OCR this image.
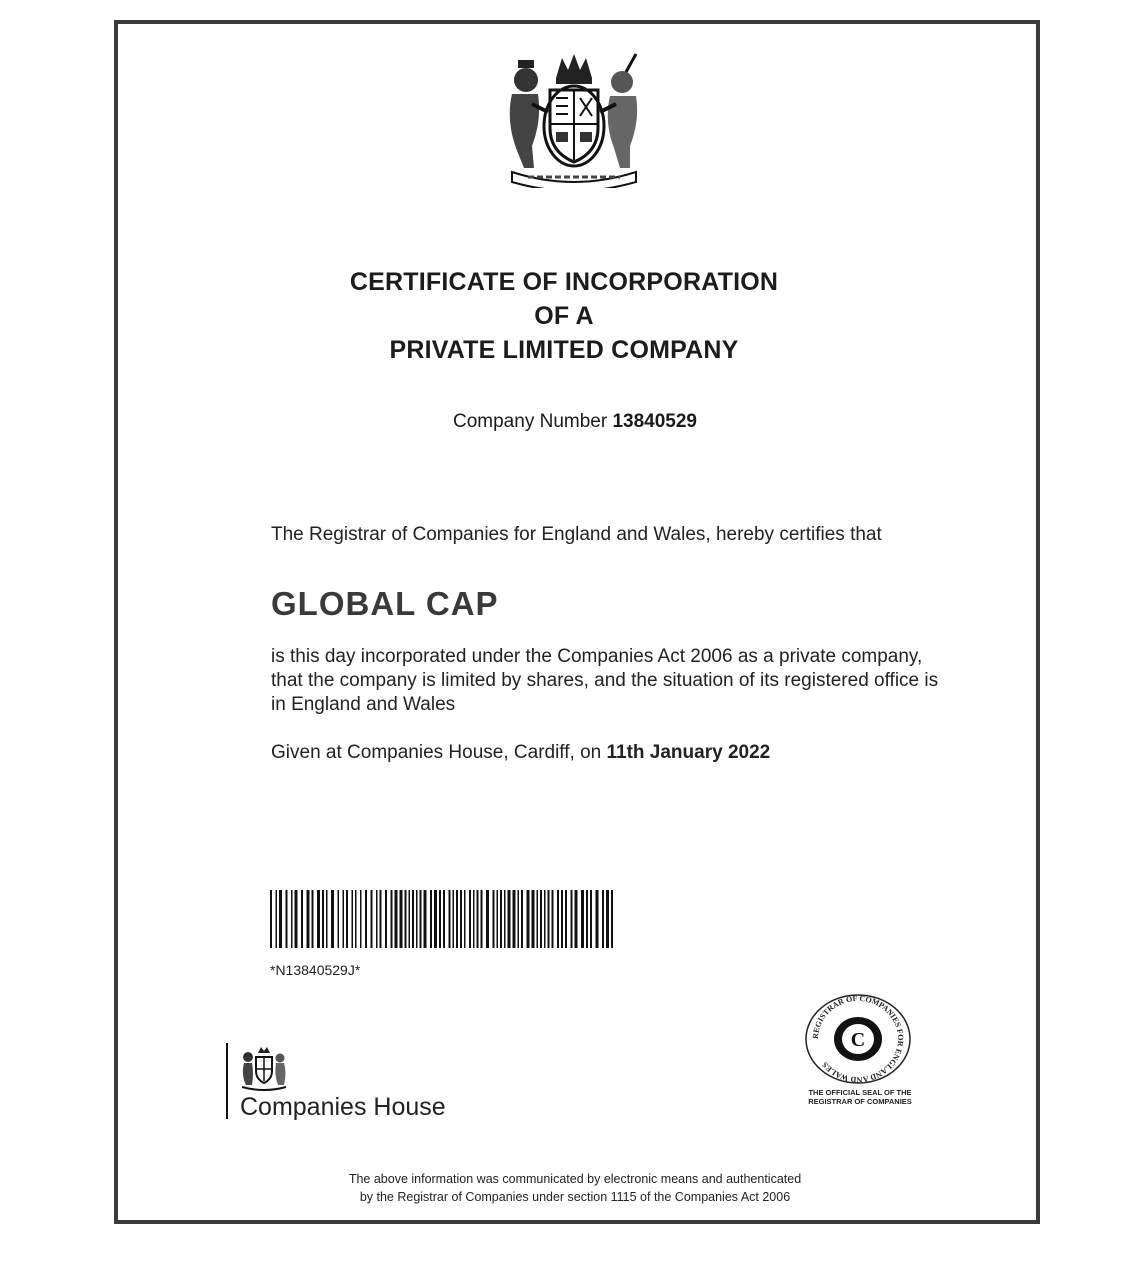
CERTIFICATE OF INCORPORATION
OF A
PRIVATE LIMITED COMPANY
Company Number 13840529
The Registrar of Companies for England and Wales, hereby certifies that
GLOBAL CAP
is this day incorporated under the Companies Act 2006 as a private company, that the company is limited by shares, and the situation of its registered office is in England and Wales
Given at Companies House, Cardiff, on 11th January 2022
*N13840529J*
Companies House
C
REGISTRAR OF COMPANIES FOR ENGLAND AND WALES
THE OFFICIAL SEAL OF THE
REGISTRAR OF COMPANIES
The above information was communicated by electronic means and authenticated
by the Registrar of Companies under section 1115 of the Companies Act 2006
